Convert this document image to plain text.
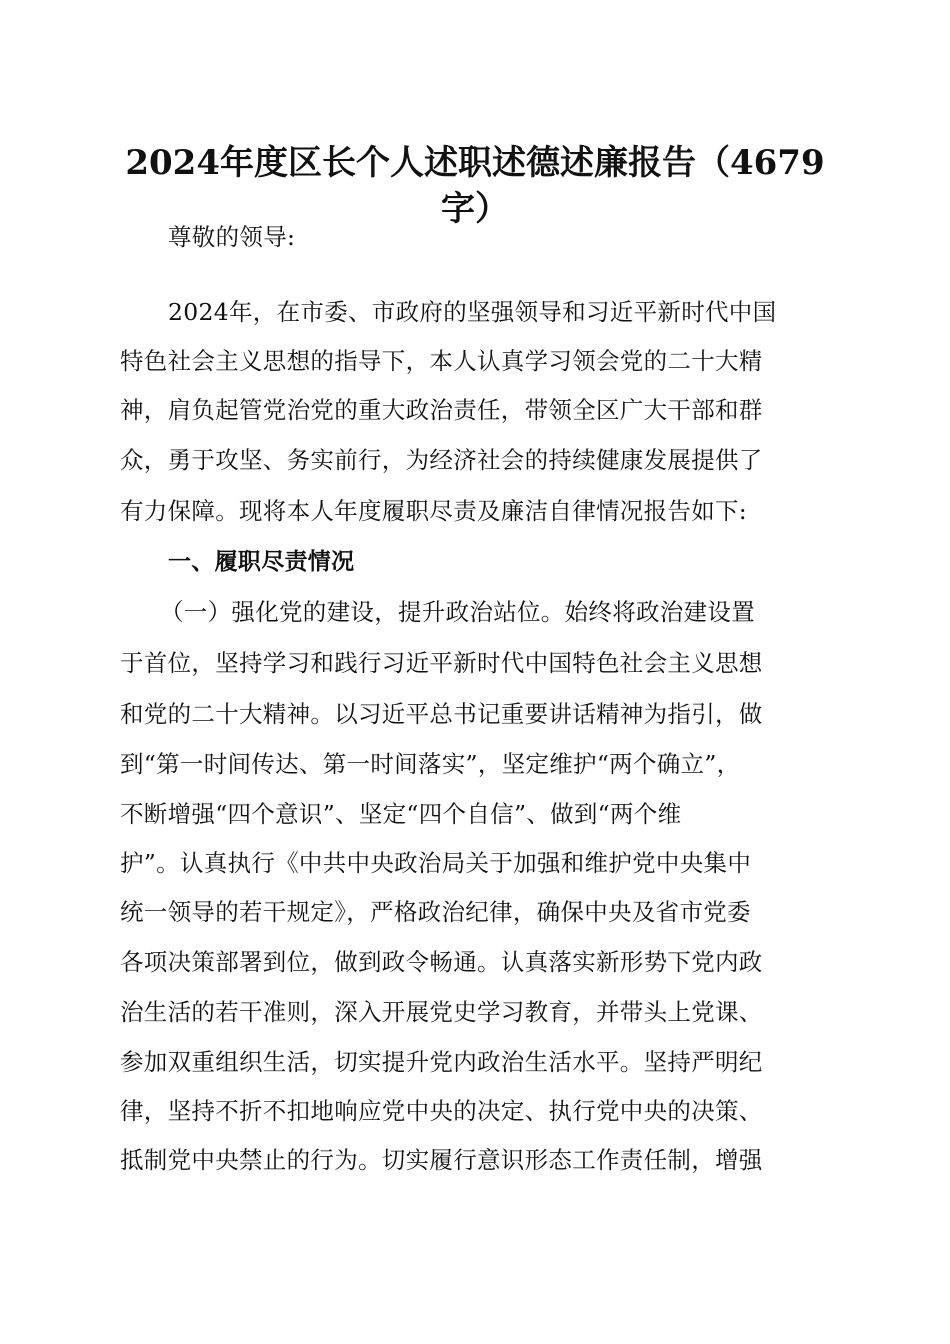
2024年度区长个人述职述德述廉报告（4679
字）
尊敬的领导:
2024年，在市委、市政府的坚强领导和习近平新时代中国
特色社会主义思想的指导下，本人认真学习领会党的二十大精
神，肩负起管党治党的重大政治责任，带领全区广大干部和群
众，勇于攻坚、务实前行，为经济社会的持续健康发展提供了
有力保障。现将本人年度履职尽责及廉洁自律情况报告如下:
一、履职尽责情况
（一）强化党的建设，提升政治站位。始终将政治建设置
于首位，坚持学习和践行习近平新时代中国特色社会主义思想
和党的二十大精神。以习近平总书记重要讲话精神为指引，做
到“第一时间传达、第一时间落实”，坚定维护“两个确立”，
不断增强“四个意识”、坚定“四个自信”、做到“两个维
护”。认真执行《中共中央政治局关于加强和维护党中央集中
统一领导的若干规定》，严格政治纪律，确保中央及省市党委
各项决策部署到位，做到政令畅通。认真落实新形势下党内政
治生活的若干准则，深入开展党史学习教育，并带头上党课、
参加双重组织生活，切实提升党内政治生活水平。坚持严明纪
律，坚持不折不扣地响应党中央的决定、执行党中央的决策、
抵制党中央禁止的行为。切实履行意识形态工作责任制，增强
